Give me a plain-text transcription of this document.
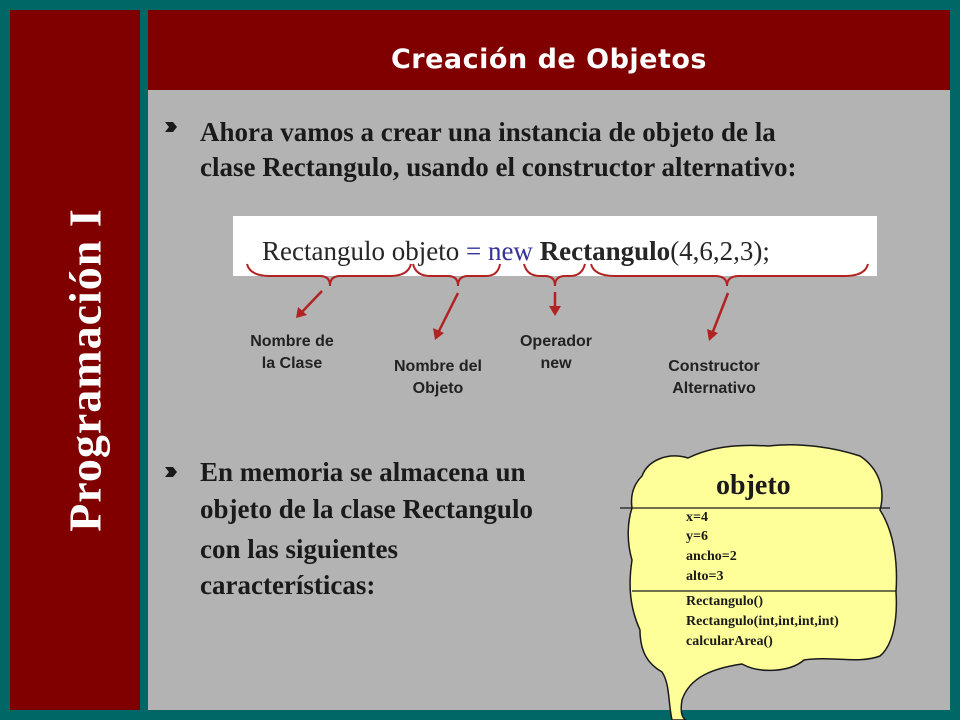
Programación I
Creación de Objetos
Ahora vamos a crear una instancia de objeto de la
clase Rectangulo, usando el constructor alternativo:
Rectangulo objeto = new Rectangulo(4,6,2,3);
Nombre de
la Clase	Nombre del
Objeto
Operador
new	Constructor
Alternativo
En memoria se almacena un
objeto de la clase Rectangulo
con las siguientes
características:
objeto
x=4
y=6
ancho=2
alto=3
Rectangulo()
Rectangulo(int,int,int,int)
calcularArea()
